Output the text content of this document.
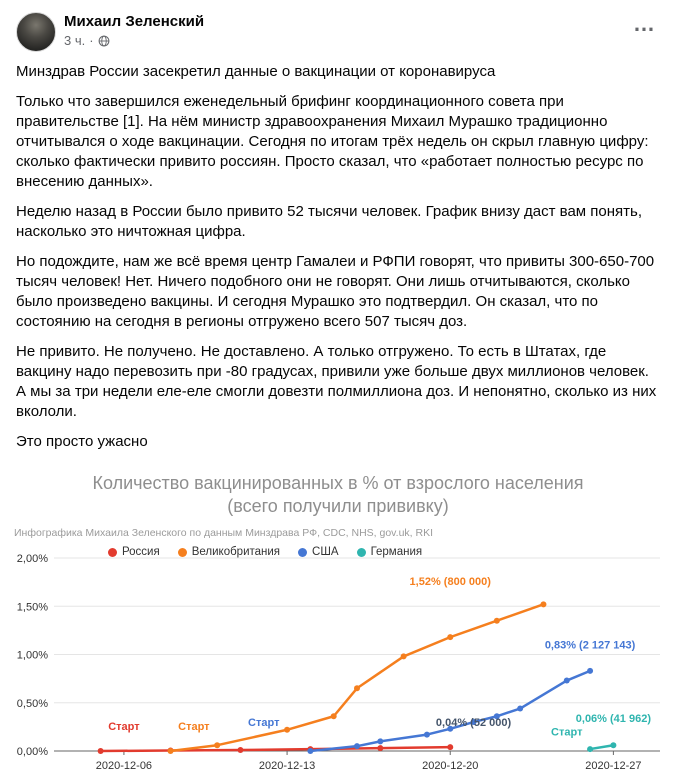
Михаил Зеленский
3 ч. ·
…

Минздрав России засекретил данные о вакцинации от коронавируса

Только что завершился еженедельный брифинг координационного совета при правительстве [1]. На нём министр здравоохранения Михаил Мурашко традиционно отчитывался о ходе вакцинации. Сегодня по итогам трёх недель он скрыл главную цифру: сколько фактически привито россиян. Просто сказал, что «работает полностью ресурс по внесению данных».

Неделю назад в России было привито 52 тысячи человек. График внизу даст вам понять, насколько это ничтожная цифра.

Но подождите, нам же всё время центр Гамалеи и РФПИ говорят, что привиты 300-650-700 тысяч человек! Нет. Ничего подобного они не говорят. Они лишь отчитываются, сколько было произведено вакцины. И сегодня Мурашко это подтвердил. Он сказал, что по состоянию на сегодня в регионы отгружено всего 507 тысяч доз.

Не привито. Не получено. Не доставлено. А только отгружено. То есть в Штатах, где вакцину надо перевозить при -80 градусах, привили уже больше двух миллионов человек. А мы за три недели еле-еле смогли довезти полмиллиона доз. И непонятно, сколько из них вкололи.

Это просто ужасно

Количество вакцинированных в % от взрослого населения
(всего получили прививку)
Инфографика Михаила Зеленского по данным Минздрава РФ, CDC, NHS, gov.uk, RKI
Россия	Великобритания	США	Германия
0,00%
0,50%
1,00%
1,50%
2,00%
2020-12-06	2020-12-13	2020-12-20	2020-12-27
Старт	Старт	Старт
Старт
1,52% (800 000)
0,83% (2 127 143)
0,04% (52 000)	0,06% (41 962)
